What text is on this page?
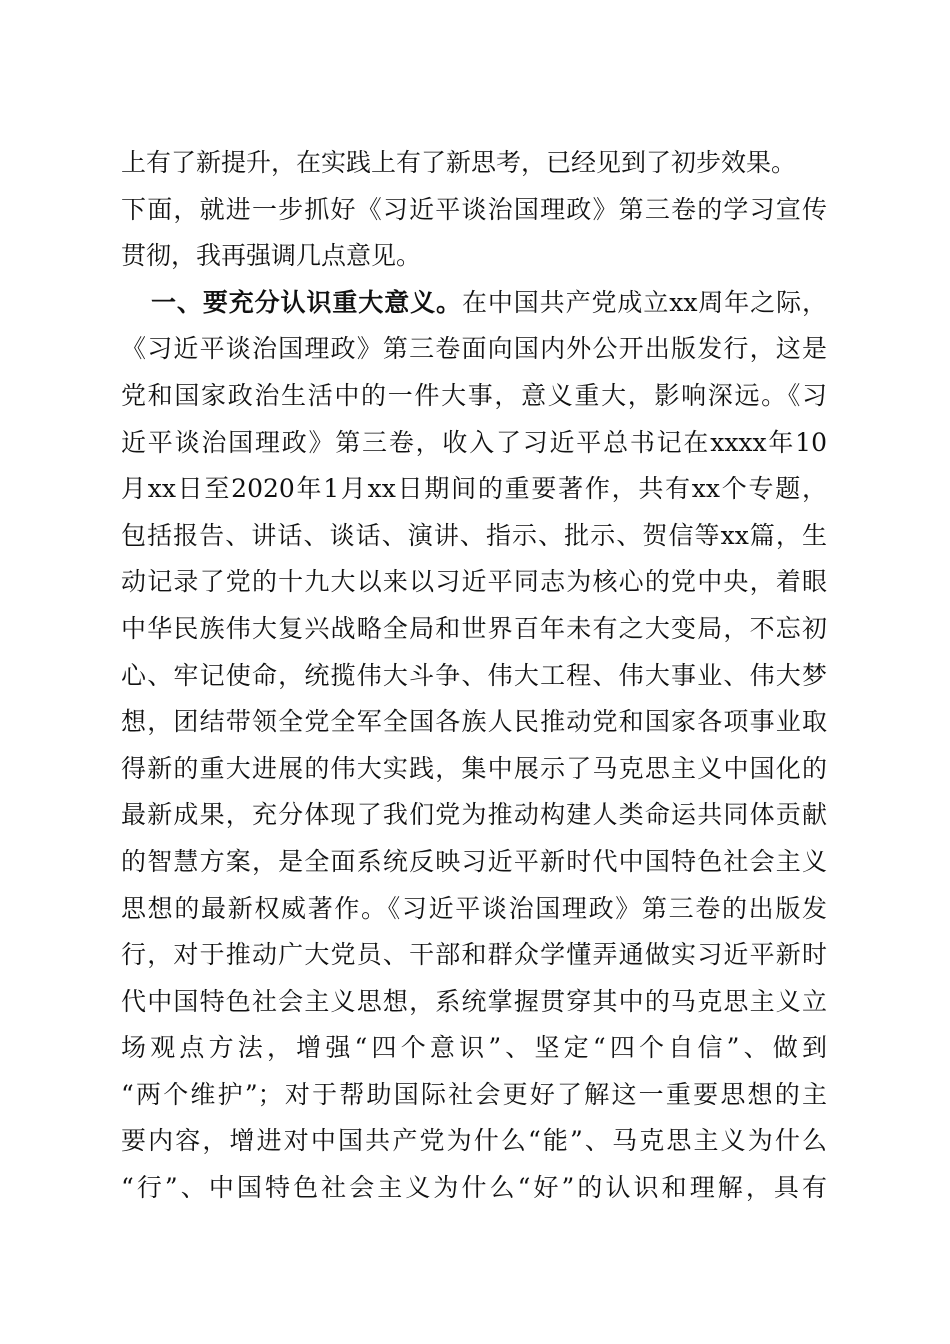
上有了新提升，在实践上有了新思考，已经见到了初步效果。
下面，就进一步抓好《习近平谈治国理政》第三卷的学习宣传
贯彻，我再强调几点意见。
一、要充分认识重大意义。在中国共产党成立xx周年之际，
《习近平谈治国理政》第三卷面向国内外公开出版发行，这是
党和国家政治生活中的一件大事，意义重大，影响深远。《习
近平谈治国理政》第三卷，收入了习近平总书记在xxxx年10
月xx日至2020年1月xx日期间的重要著作，共有xx个专题，
包括报告、讲话、谈话、演讲、指示、批示、贺信等xx篇，生
动记录了党的十九大以来以习近平同志为核心的党中央，着眼
中华民族伟大复兴战略全局和世界百年未有之大变局，不忘初
心、牢记使命，统揽伟大斗争、伟大工程、伟大事业、伟大梦
想，团结带领全党全军全国各族人民推动党和国家各项事业取
得新的重大进展的伟大实践，集中展示了马克思主义中国化的
最新成果，充分体现了我们党为推动构建人类命运共同体贡献
的智慧方案，是全面系统反映习近平新时代中国特色社会主义
思想的最新权威著作。《习近平谈治国理政》第三卷的出版发
行，对于推动广大党员、干部和群众学懂弄通做实习近平新时
代中国特色社会主义思想，系统掌握贯穿其中的马克思主义立
场观点方法，增强“四个意识”、坚定“四个自信”、做到
“两个维护”；对于帮助国际社会更好了解这一重要思想的主
要内容，增进对中国共产党为什么“能”、马克思主义为什么
“行”、中国特色社会主义为什么“好”的认识和理解，具有
